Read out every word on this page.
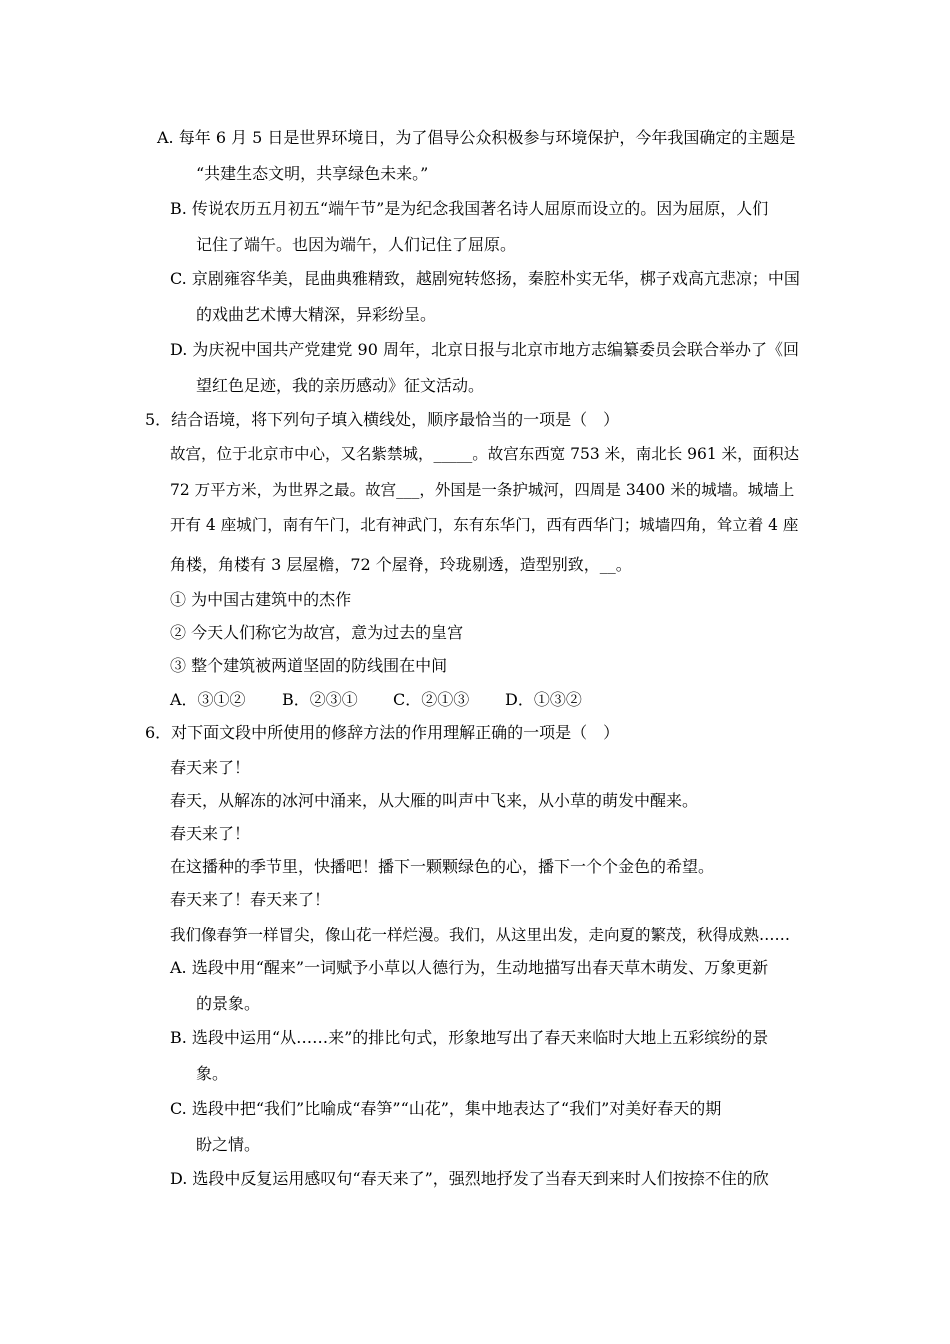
A. 每年 6 月 5 日是世界环境日，为了倡导公众积极参与环境保护，今年我国确定的主题是
“共建生态文明，共享绿色未来。”
B. 传说农历五月初五“端午节”是为纪念我国著名诗人屈原而设立的。因为屈原，人们
记住了端午。也因为端午，人们记住了屈原。
C. 京剧雍容华美，昆曲典雅精致，越剧宛转悠扬，秦腔朴实无华，梆子戏高亢悲凉；中国
的戏曲艺术博大精深，异彩纷呈。
D. 为庆祝中国共产党建党 90 周年，北京日报与北京市地方志编纂委员会联合举办了《回
望红色足迹，我的亲历感动》征文活动。
5．结合语境，将下列句子填入横线处，顺序最恰当的一项是（　）
故宫，位于北京市中心，又名紫禁城，_____。故宫东西宽 753 米，南北长 961 米，面积达
72 万平方米，为世界之最。故宫___，外国是一条护城河，四周是 3400 米的城墙。城墙上
开有 4 座城门，南有午门，北有神武门，东有东华门，西有西华门；城墙四角，耸立着 4 座
角楼，角楼有 3 层屋檐，72 个屋脊，玲珑剔透，造型别致，__。
① 为中国古建筑中的杰作
② 今天人们称它为故宫，意为过去的皇宫
③ 整个建筑被两道坚固的防线围在中间
A．③①② B．②③① C．②①③ D．①③②
6．对下面文段中所使用的修辞方法的作用理解正确的一项是（　）
春天来了！
春天，从解冻的冰河中涌来，从大雁的叫声中飞来，从小草的萌发中醒来。
春天来了！
在这播种的季节里，快播吧！播下一颗颗绿色的心，播下一个个金色的希望。
春天来了！春天来了！
我们像春笋一样冒尖，像山花一样烂漫。我们，从这里出发，走向夏的繁茂，秋得成熟……
A. 选段中用“醒来”一词赋予小草以人德行为，生动地描写出春天草木萌发、万象更新
的景象。
B. 选段中运用“从……来”的排比句式，形象地写出了春天来临时大地上五彩缤纷的景
象。
C. 选段中把“我们”比喻成“春笋”“山花”，集中地表达了“我们”对美好春天的期
盼之情。
D. 选段中反复运用感叹句“春天来了”，强烈地抒发了当春天到来时人们按捺不住的欣
